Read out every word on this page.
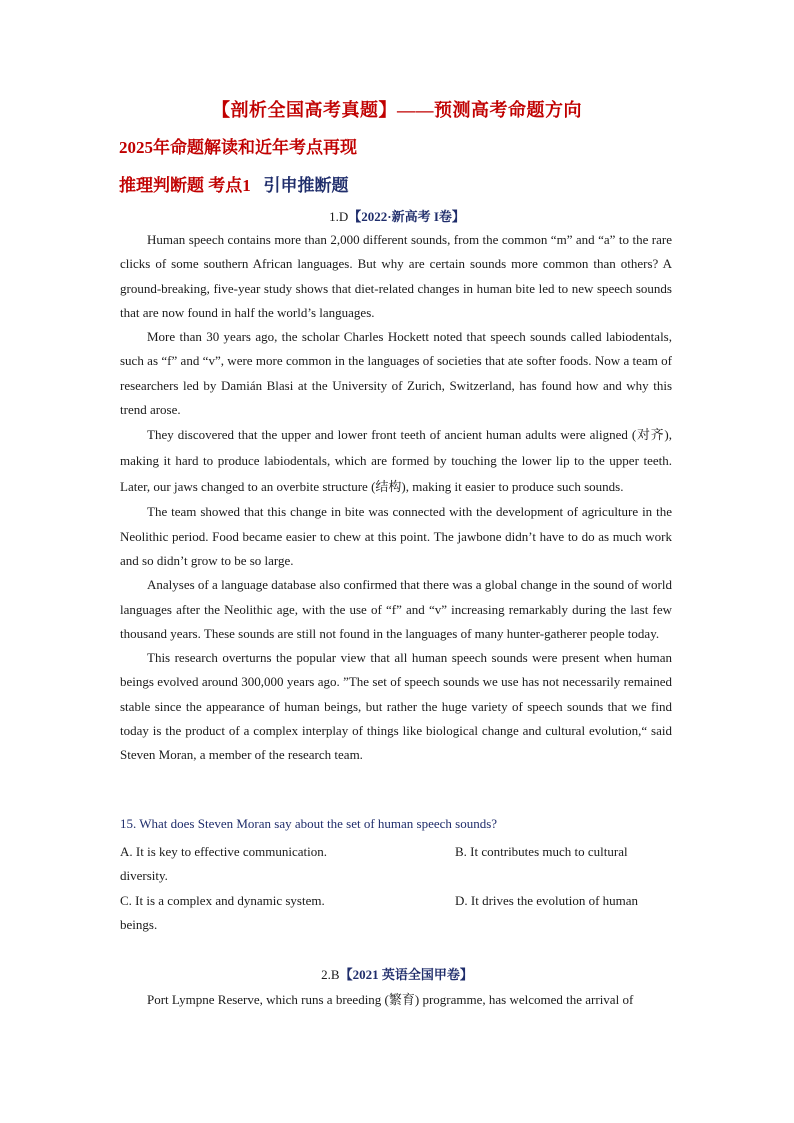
【剖析全国高考真题】——预测高考命题方向
2025年命题解读和近年考点再现
推理判断题 考点1 引申推断题
1.D【2022·新高考 I卷】

Human speech contains more than 2,000 different sounds, from the common “m” and “a” to the rare clicks of some southern African languages. But why are certain sounds more common than others? A ground-breaking, five-year study shows that diet-related changes in human bite led to new speech sounds that are now found in half the world’s languages.

More than 30 years ago, the scholar Charles Hockett noted that speech sounds called labiodentals, such as “f” and “v”, were more common in the languages of societies that ate softer foods. Now a team of researchers led by Damián Blasi at the University of Zurich, Switzerland, has found how and why this trend arose.

They discovered that the upper and lower front teeth of ancient human adults were aligned (对齐), making it hard to produce labiodentals, which are formed by touching the lower lip to the upper teeth. Later, our jaws changed to an overbite structure (结构), making it easier to produce such sounds.

The team showed that this change in bite was connected with the development of agriculture in the Neolithic period. Food became easier to chew at this point. The jawbone didn’t have to do as much work and so didn’t grow to be so large.

Analyses of a language database also confirmed that there was a global change in the sound of world languages after the Neolithic age, with the use of “f” and “v” increasing remarkably during the last few thousand years. These sounds are still not found in the languages of many hunter-gatherer people today.

This research overturns the popular view that all human speech sounds were present when human beings evolved around 300,000 years ago. ”The set of speech sounds we use has not necessarily remained stable since the appearance of human beings, but rather the huge variety of speech sounds that we find today is the product of a complex interplay of things like biological change and cultural evolution,“ said Steven Moran, a member of the research team.

15. What does Steven Moran say about the set of human speech sounds?
A. It is key to effective communication.	B. It contributes much to cultural
diversity.
C. It is a complex and dynamic system.	D. It drives the evolution of human
beings.
2.B【2021 英语全国甲卷】

Port Lympne Reserve, which runs a breeding (繁育) programme, has welcomed the arrival of
